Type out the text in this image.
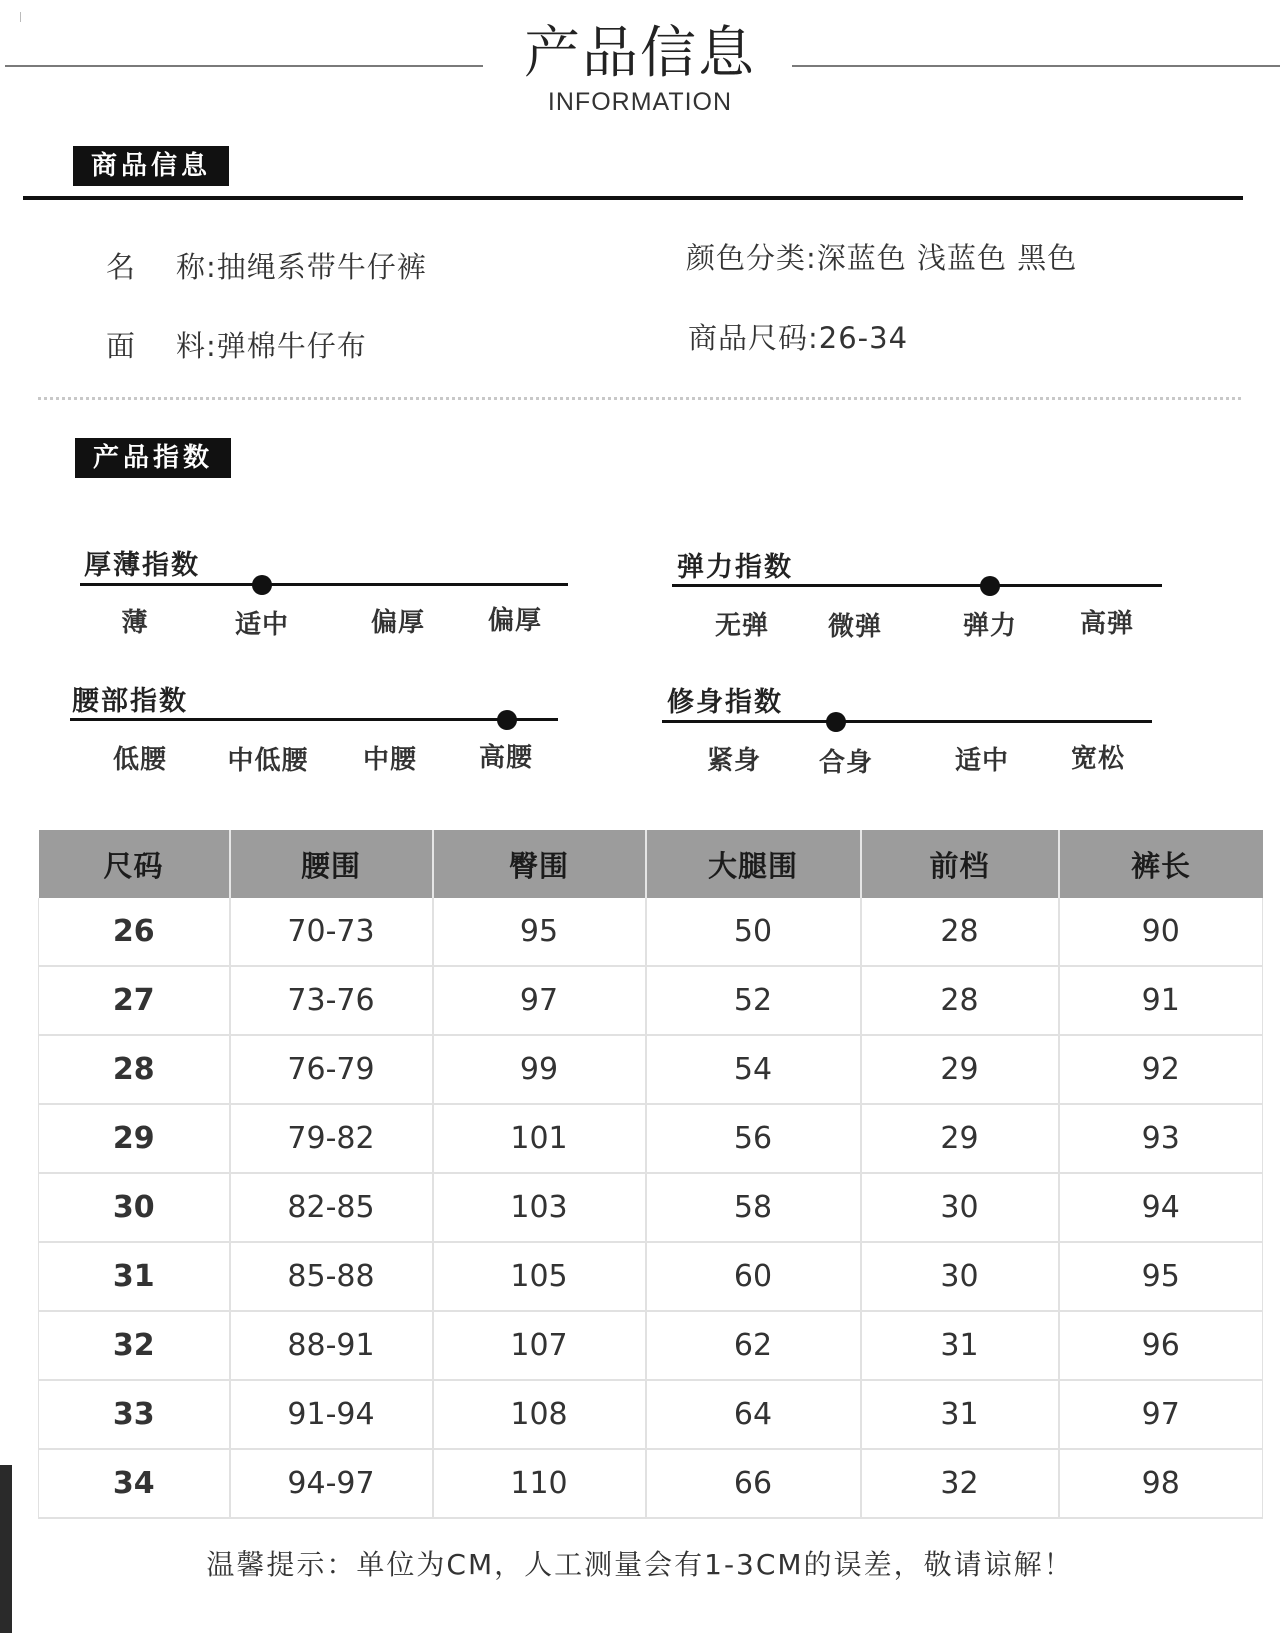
产品信息
INFORMATION
商品信息
名 称:抽绳系带牛仔裤
面 料:弹棉牛仔布
颜色分类:深蓝色 浅蓝色 黑色
商品尺码:26-34
产品指数
厚薄指数
薄	适中	偏厚 偏厚
弹力指数
无弹 微弹	弹力 高弹
腰部指数
低腰 中低腰 中腰 高腰
修身指数
紧身 合身	适中 宽松
尺码	腰围	臀围	大腿围	前档	裤长
26	70-73	95	50	28	90
27	73-76	97	52	28	91
28	76-79	99	54	29	92
29	79-82	101	56	29	93
30	82-85	103	58	30	94
31	85-88	105	60	30	95
32	88-91	107	62	31	96
33	91-94	108	64	31	97
34	94-97	110	66	32	98
温馨提示：单位为CM，人工测量会有1-3CM的误差，敬请谅解！
